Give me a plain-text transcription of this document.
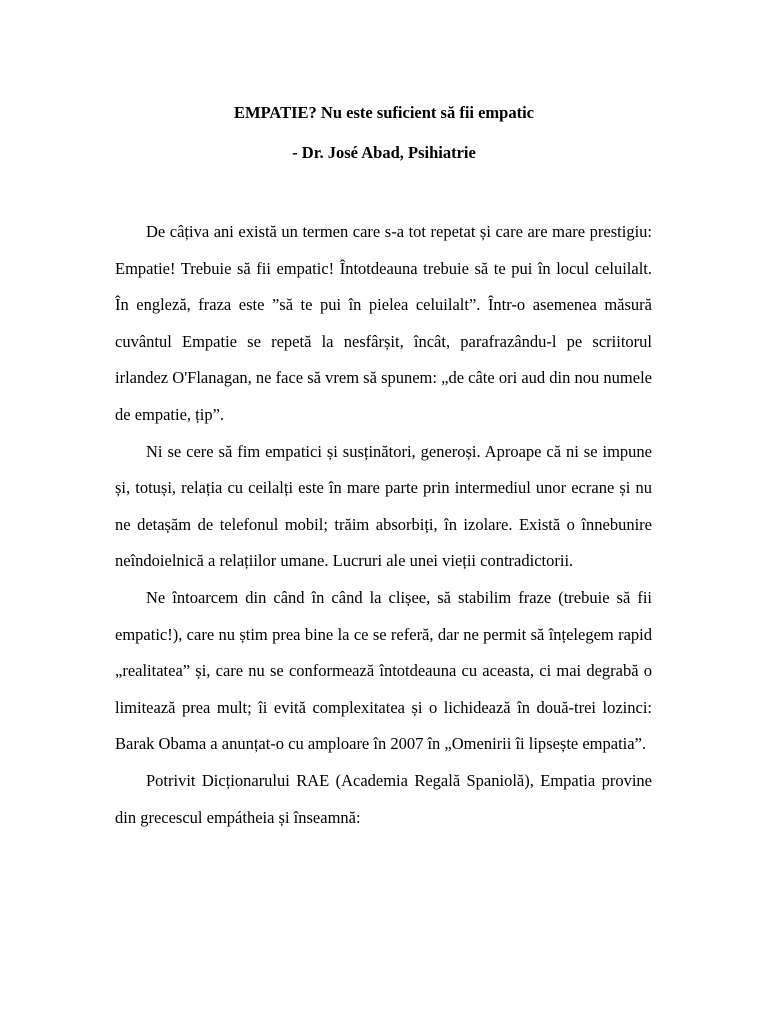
EMPATIE? Nu este suficient să fii empatic
- Dr. José Abad, Psihiatrie

De câțiva ani există un termen care s-a tot repetat și care are mare prestigiu: Empatie! Trebuie să fii empatic! Întotdeauna trebuie să te pui în locul celuilalt. În engleză, fraza este ”să te pui în pielea celuilalt”. Într-o asemenea măsură cuvântul Empatie se repetă la nesfârșit, încât, parafrazându-l pe scriitorul irlandez O'Flanagan, ne face să vrem să spunem: „de câte ori aud din nou numele de empatie, țip”.

Ni se cere să fim empatici și susținători, generoși. Aproape că ni se impune și, totuși, relația cu ceilalți este în mare parte prin intermediul unor ecrane și nu ne detașăm de telefonul mobil; trăim absorbiți, în izolare. Există o înnebunire neîndoielnică a relațiilor umane. Lucruri ale unei vieții contradictorii.

Ne întoarcem din când în când la clișee, să stabilim fraze (trebuie să fii empatic!), care nu știm prea bine la ce se referă, dar ne permit să înțelegem rapid „realitatea” și, care nu se conformează întotdeauna cu aceasta, ci mai degrabă o limitează prea mult; îi evită complexitatea și o lichidează în două-trei lozinci: Barak Obama a anunțat-o cu amploare în 2007 în „Omenirii îi lipsește empatia”.

Potrivit Dicționarului RAE (Academia Regală Spaniolă), Empatia provine din grecescul empátheia și înseamnă:
